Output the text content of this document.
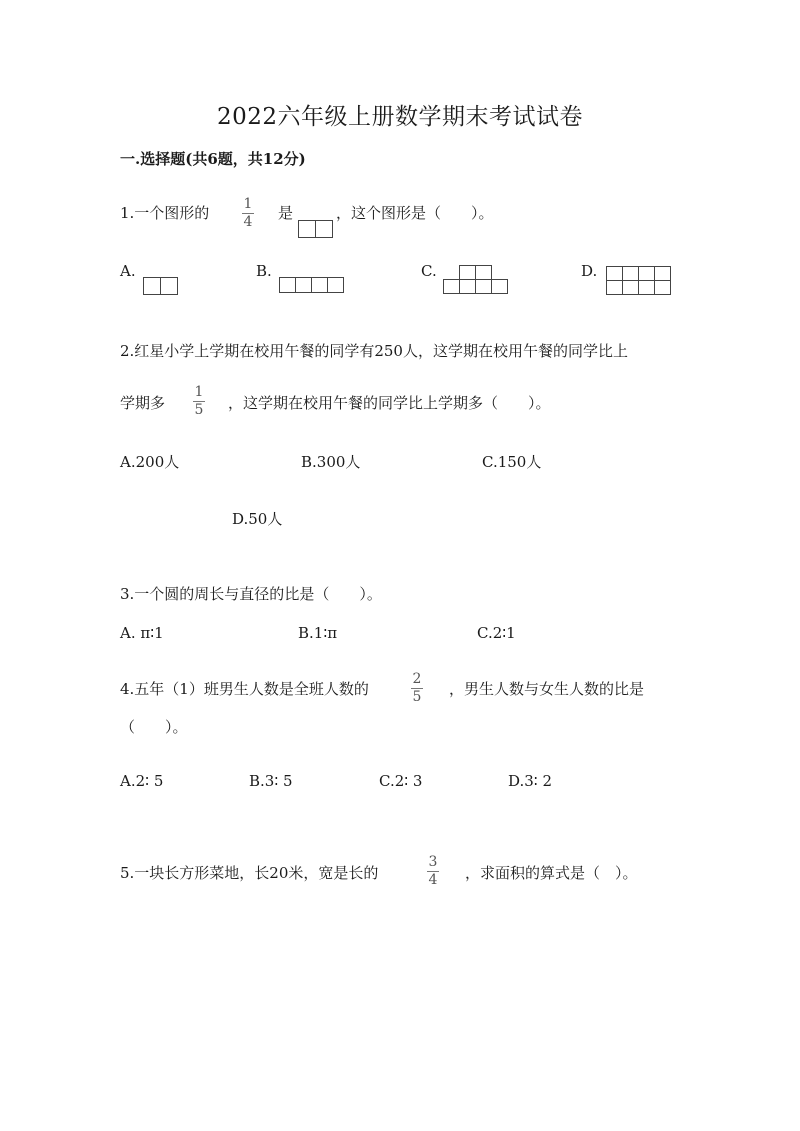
2022六年级上册数学期末考试试卷
一.选择题(共6题，共12分)
1.一个图形的 1
4 是	，这个图形是（　　）。
A.	B.	C.	D.
2.红星小学上学期在校用午餐的同学有250人，这学期在校用午餐的同学比上
学期多
1
5 ，这学期在校用午餐的同学比上学期多（　　）。
A.200人	B.300人	C.150人
D.50人
3.一个圆的周长与直径的比是（　　）。
A. π∶1	B.1∶π	C.2∶1
4.五年（1）班男生人数是全班人数的
2
5 ，男生人数与女生人数的比是
（　　）。
A.2∶ 5	B.3∶ 5	C.2∶ 3	D.3∶ 2
5.一块长方形菜地，长20米，宽是长的
3
4 ，求面积的算式是（　）。
